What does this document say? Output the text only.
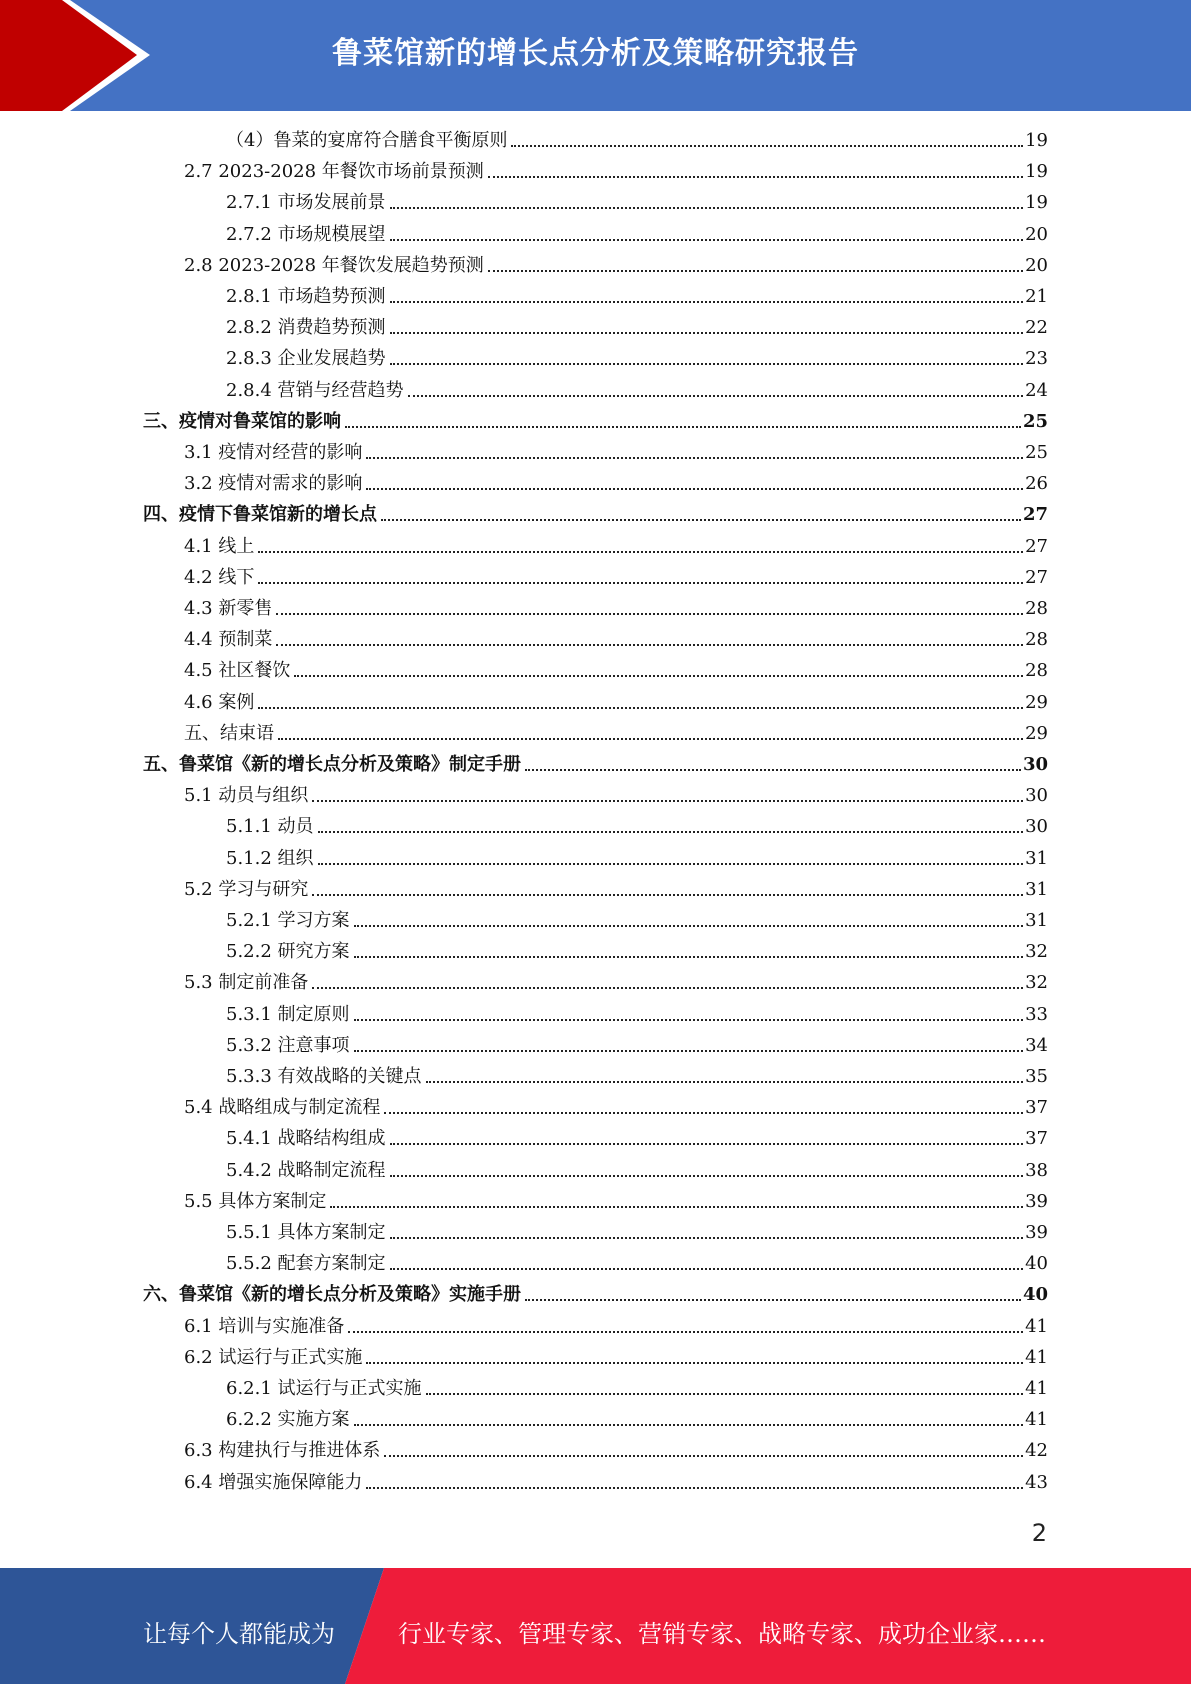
鲁菜馆新的增长点分析及策略研究报告
（4）鲁菜的宴席符合膳食平衡原则	19
2.7 2023-2028 年餐饮市场前景预测	19
2.7.1 市场发展前景	19
2.7.2 市场规模展望	20
2.8 2023-2028 年餐饮发展趋势预测	20
2.8.1 市场趋势预测	21
2.8.2 消费趋势预测	22
2.8.3 企业发展趋势	23
2.8.4 营销与经营趋势	24
三、疫情对鲁菜馆的影响	25
3.1 疫情对经营的影响	25
3.2 疫情对需求的影响	26
四、疫情下鲁菜馆新的增长点	27
4.1 线上	27
4.2 线下	27
4.3 新零售	28
4.4 预制菜	28
4.5 社区餐饮	28
4.6 案例	29
五、结束语	29
五、鲁菜馆《新的增长点分析及策略》制定手册	30
5.1 动员与组织	30
5.1.1 动员	30
5.1.2 组织	31
5.2 学习与研究	31
5.2.1 学习方案	31
5.2.2 研究方案	32
5.3 制定前准备	32
5.3.1 制定原则	33
5.3.2 注意事项	34
5.3.3 有效战略的关键点	35
5.4 战略组成与制定流程	37
5.4.1 战略结构组成	37
5.4.2 战略制定流程	38
5.5 具体方案制定	39
5.5.1 具体方案制定	39
5.5.2 配套方案制定	40
六、鲁菜馆《新的增长点分析及策略》实施手册	40
6.1 培训与实施准备	41
6.2 试运行与正式实施	41
6.2.1 试运行与正式实施	41
6.2.2 实施方案	41
6.3 构建执行与推进体系	42
6.4 增强实施保障能力	43
2
让每个人都能成为	行业专家、管理专家、营销专家、战略专家、成功企业家……
